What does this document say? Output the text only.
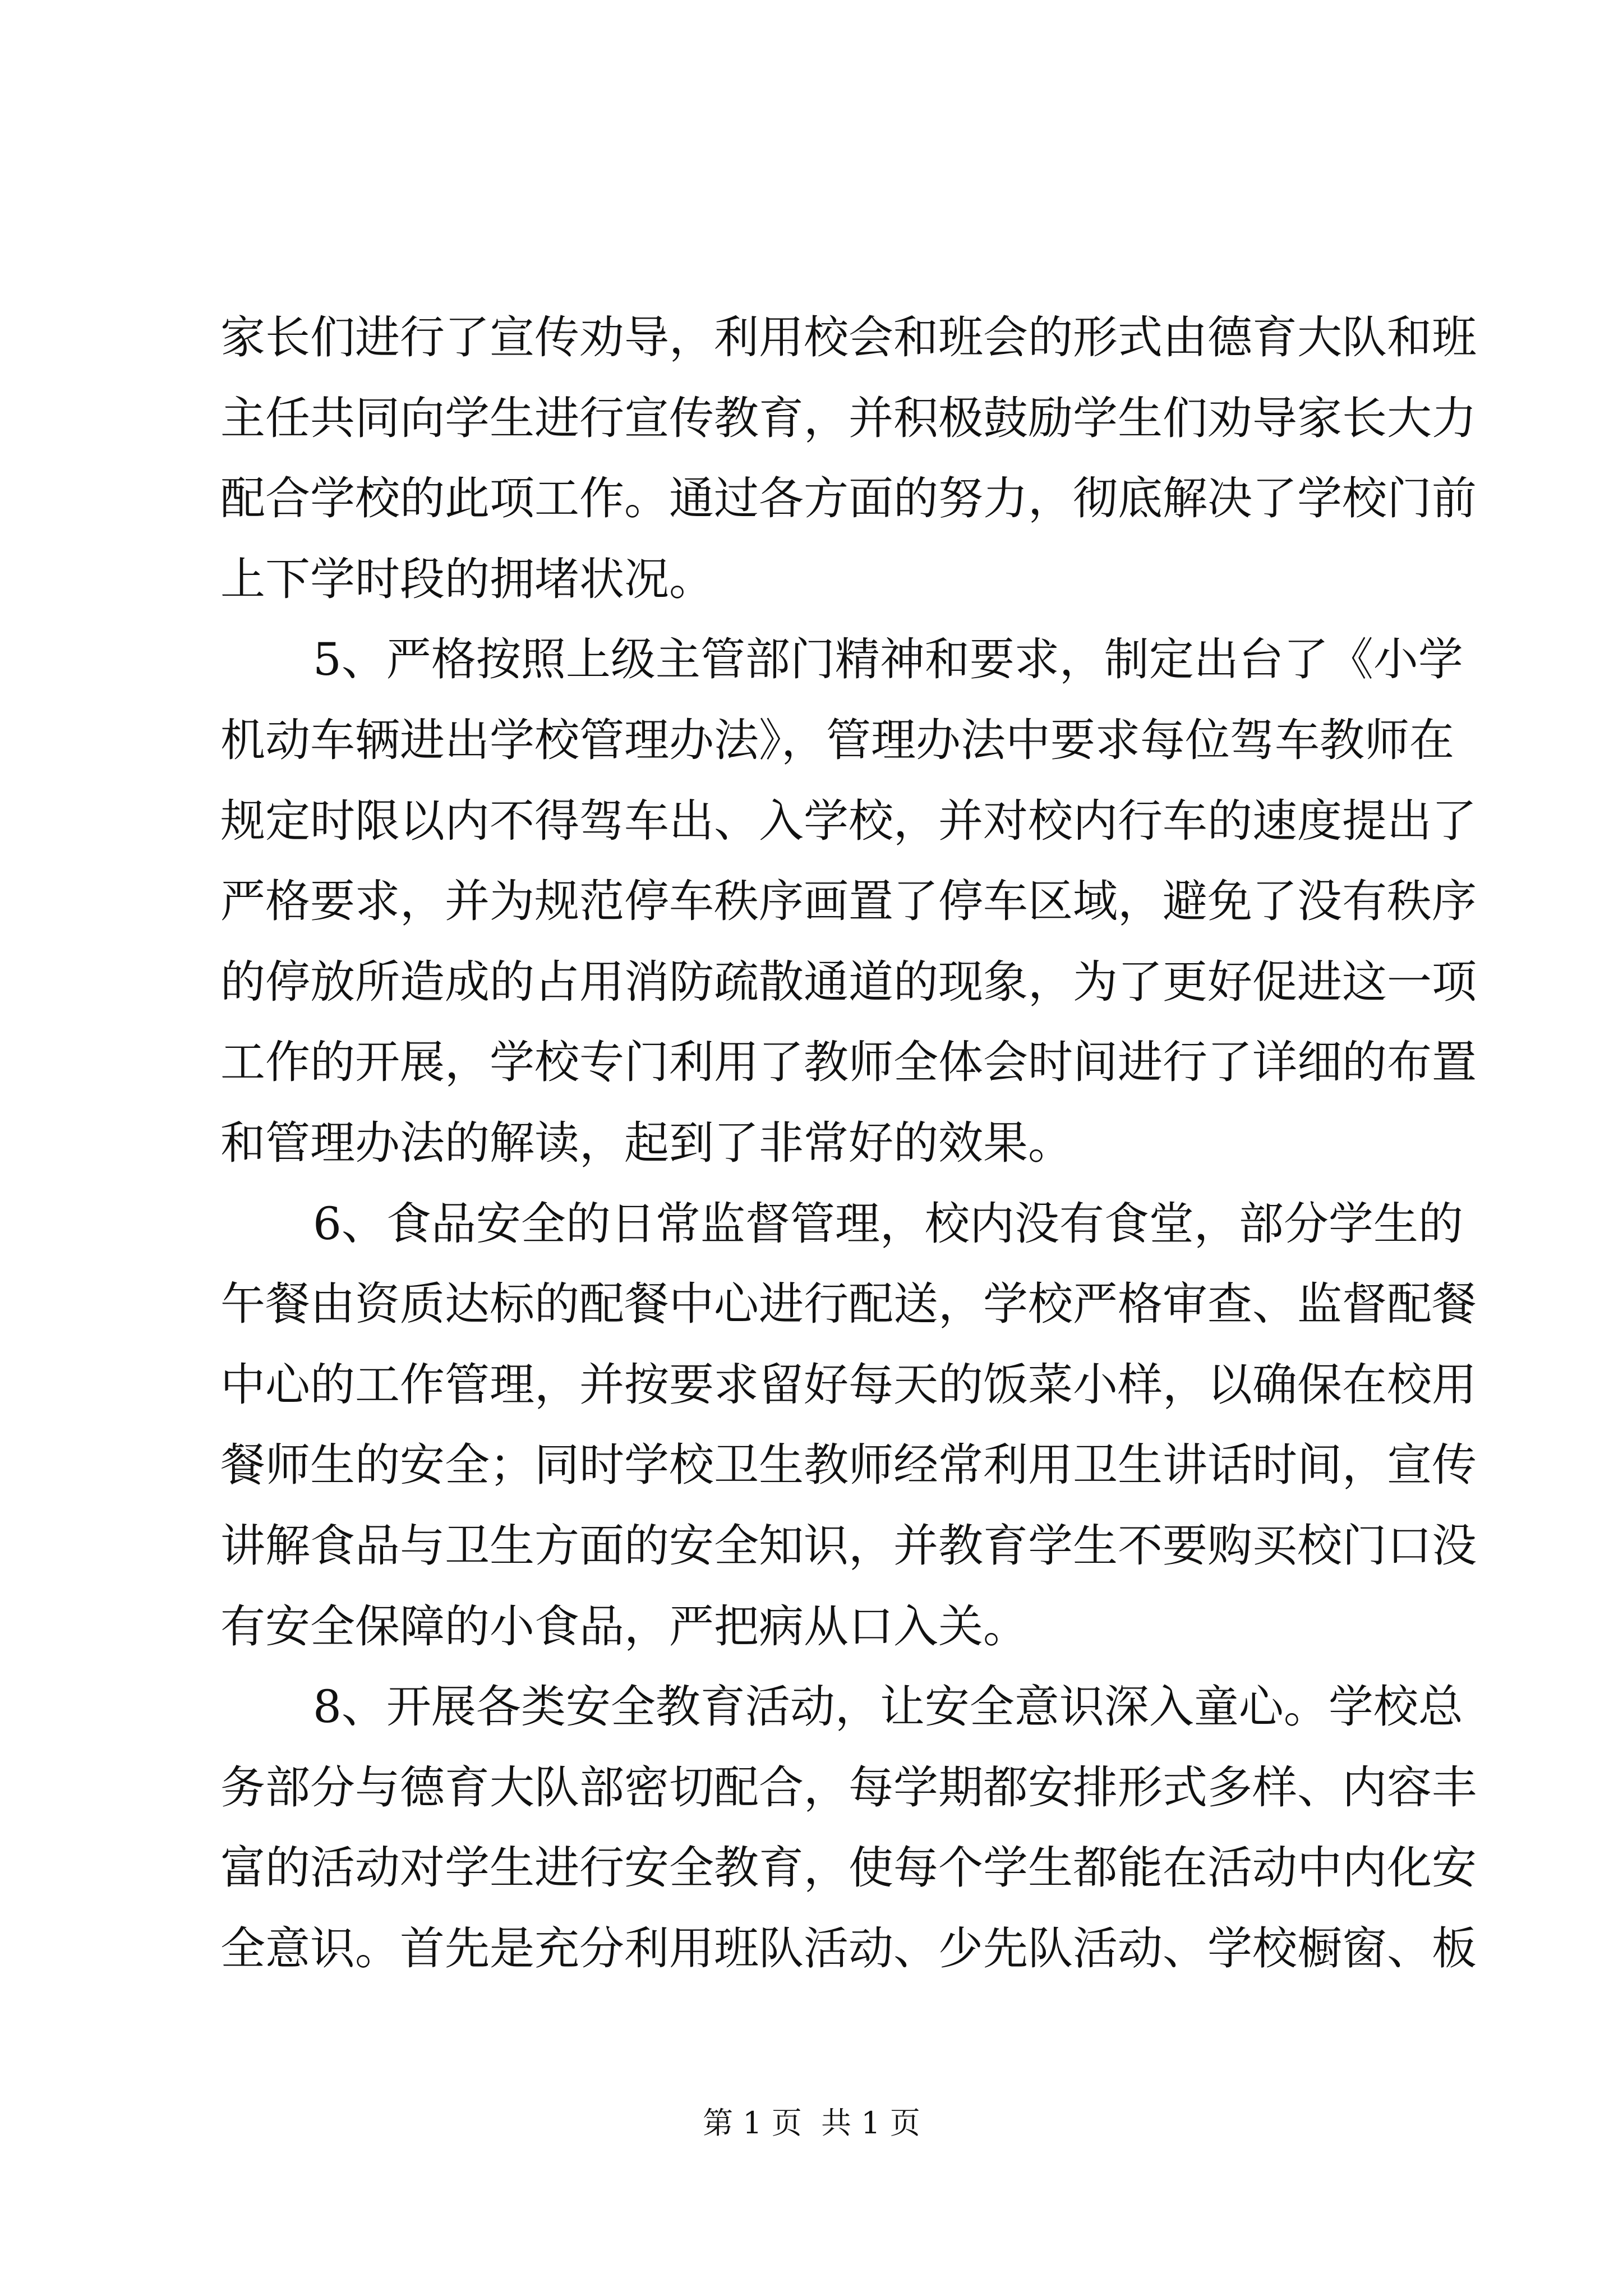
家长们进行了宣传劝导，利用校会和班会的形式由德育大队和班
主任共同向学生进行宣传教育，并积极鼓励学生们劝导家长大力
配合学校的此项工作。通过各方面的努力，彻底解决了学校门前
上下学时段的拥堵状况。
5、严格按照上级主管部门精神和要求，制定出台了《小学
机动车辆进出学校管理办法》，管理办法中要求每位驾车教师在
规定时限以内不得驾车出、入学校，并对校内行车的速度提出了
严格要求，并为规范停车秩序画置了停车区域，避免了没有秩序
的停放所造成的占用消防疏散通道的现象，为了更好促进这一项
工作的开展，学校专门利用了教师全体会时间进行了详细的布置
和管理办法的解读，起到了非常好的效果。
6、食品安全的日常监督管理，校内没有食堂，部分学生的
午餐由资质达标的配餐中心进行配送，学校严格审查、监督配餐
中心的工作管理，并按要求留好每天的饭菜小样，以确保在校用
餐师生的安全；同时学校卫生教师经常利用卫生讲话时间，宣传
讲解食品与卫生方面的安全知识，并教育学生不要购买校门口没
有安全保障的小食品，严把病从口入关。
8、开展各类安全教育活动，让安全意识深入童心。学校总
务部分与德育大队部密切配合，每学期都安排形式多样、内容丰
富的活动对学生进行安全教育，使每个学生都能在活动中内化安
全意识。首先是充分利用班队活动、少先队活动、学校橱窗、板
第 1 页  共 1 页
